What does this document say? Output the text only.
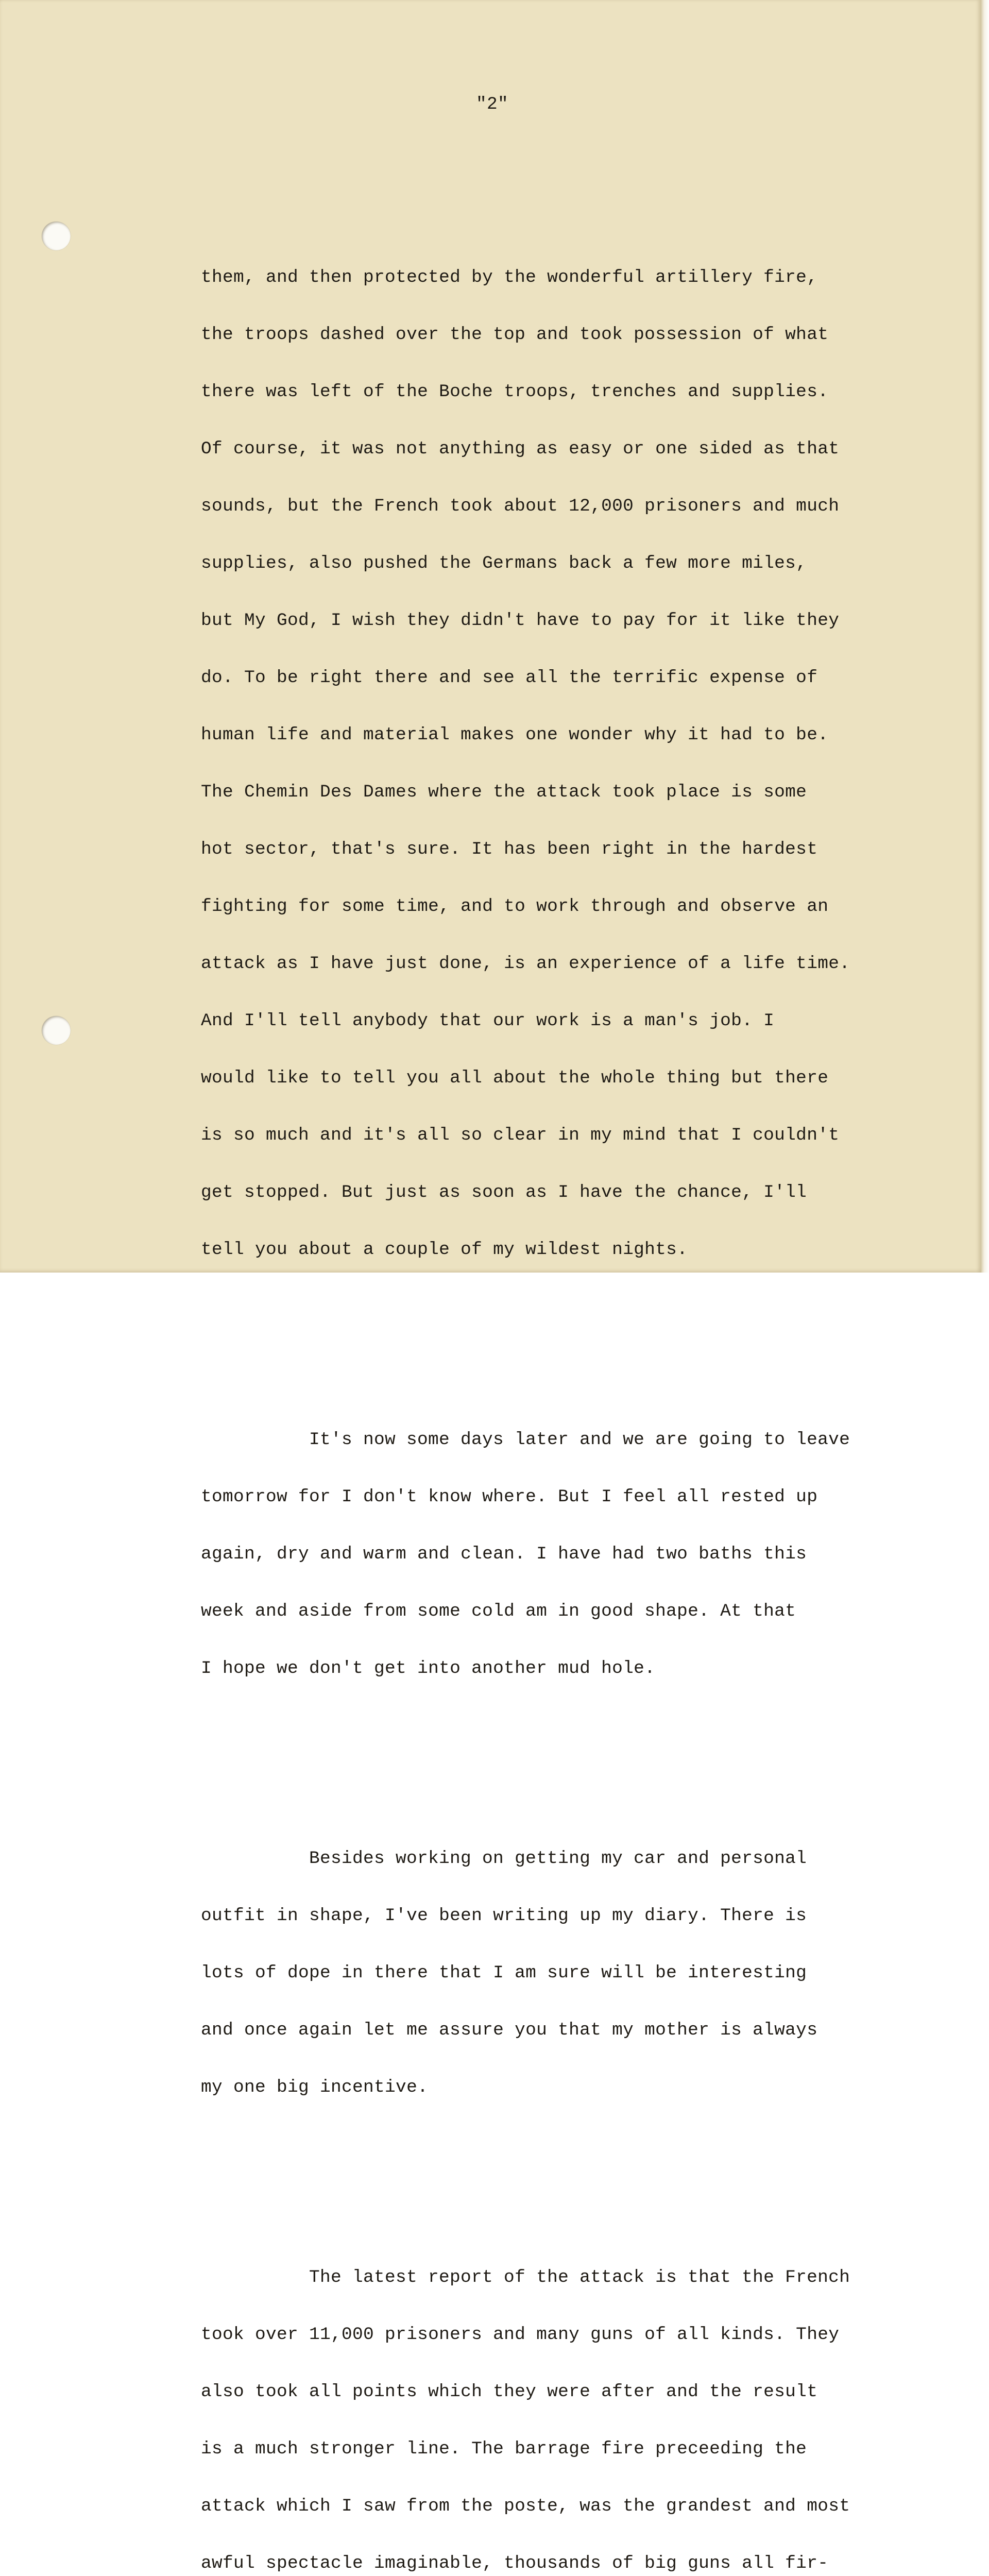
"2"

them, and then protected by the wonderful artillery fire,

the troops dashed over the top and took possession of what

there was left of the Boche troops, trenches and supplies.

Of course, it was not anything as easy or one sided as that

sounds, but the French took about 12,000 prisoners and much

supplies, also pushed the Germans back a few more miles,

but My God, I wish they didn't have to pay for it like they

do. To be right there and see all the terrific expense of

human life and material makes one wonder why it had to be.

The Chemin Des Dames where the attack took place is some

hot sector, that's sure. It has been right in the hardest

fighting for some time, and to work through and observe an

attack as I have just done, is an experience of a life time.

And I'll tell anybody that our work is a man's job. I

would like to tell you all about the whole thing but there

is so much and it's all so clear in my mind that I couldn't

get stopped. But just as soon as I have the chance, I'll

tell you about a couple of my wildest nights.

It's now some days later and we are going to leave

tomorrow for I don't know where. But I feel all rested up

again, dry and warm and clean. I have had two baths this

week and aside from some cold am in good shape. At that

I hope we don't get into another mud hole.

Besides working on getting my car and personal

outfit in shape, I've been writing up my diary. There is

lots of dope in there that I am sure will be interesting

and once again let me assure you that my mother is always

my one big incentive.

The latest report of the attack is that the French

took over 11,000 prisoners and many guns of all kinds. They

also took all points which they were after and the result

is a much stronger line. The barrage fire preceeding the

attack which I saw from the poste, was the grandest and most

awful spectacle imaginable, thousands of big guns all fir-
